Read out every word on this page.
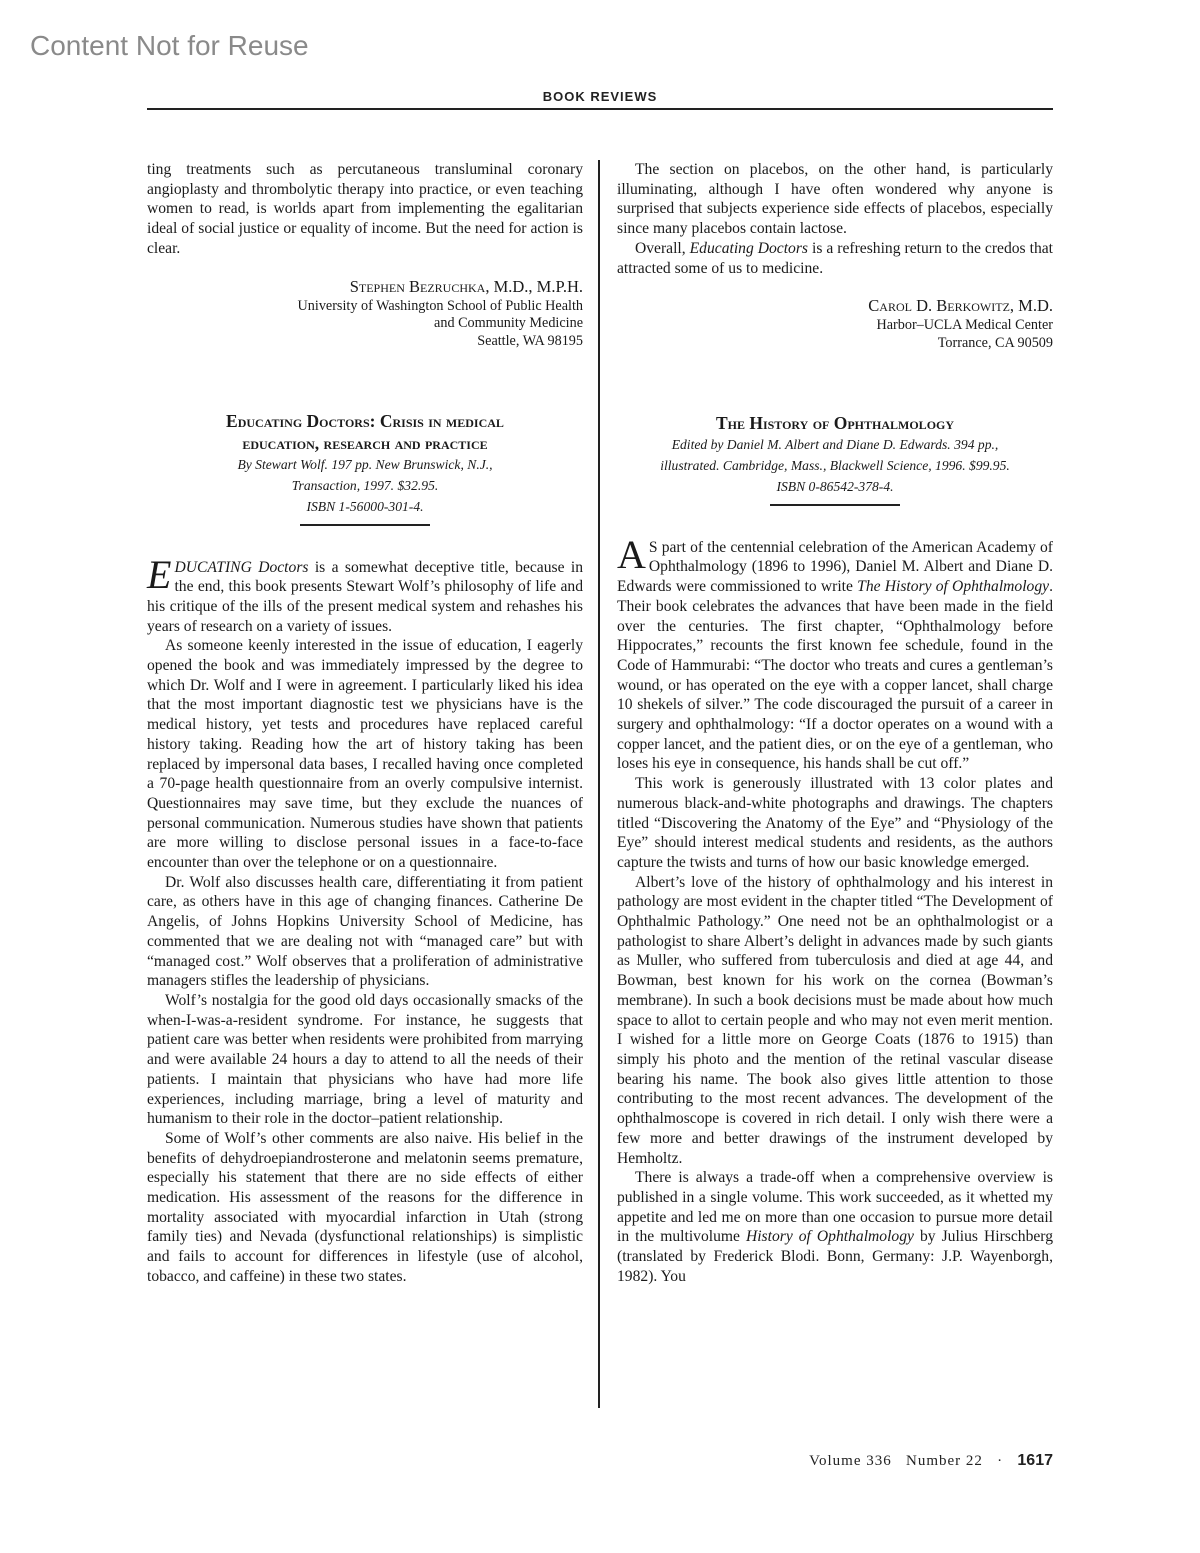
Content Not for Reuse
BOOK REVIEWS

ting treatments such as percutaneous transluminal coronary angioplasty and thrombolytic therapy into practice, or even teaching women to read, is worlds apart from implementing the egalitarian ideal of social justice or equality of income. But the need for action is clear.

Stephen Bezruchka, M.D., M.P.H.
University of Washington School of Public Health
and Community Medicine
Seattle, WA 98195
Educating Doctors: Crisis in medical
education, research and practice
By Stewart Wolf. 197 pp. New Brunswick, N.J.,
Transaction, 1997. $32.95.
ISBN 1-56000-301-4.

EDUCATING Doctors is a somewhat deceptive title, because in the end, this book presents Stewart Wolf’s philosophy of life and his critique of the ills of the present medical system and rehashes his years of research on a variety of issues.

As someone keenly interested in the issue of education, I eagerly opened the book and was immediately impressed by the degree to which Dr. Wolf and I were in agreement. I particularly liked his idea that the most important diagnostic test we physicians have is the medical history, yet tests and procedures have replaced careful history taking. Reading how the art of history taking has been replaced by impersonal data bases, I recalled having once completed a 70-page health questionnaire from an overly compulsive internist. Questionnaires may save time, but they exclude the nuances of personal communication. Numerous studies have shown that patients are more willing to disclose personal issues in a face-to-face encounter than over the telephone or on a questionnaire.

Dr. Wolf also discusses health care, differentiating it from patient care, as others have in this age of changing finances. Catherine De Angelis, of Johns Hopkins University School of Medicine, has commented that we are dealing not with “managed care” but with “managed cost.” Wolf observes that a proliferation of administrative managers stifles the leadership of physicians.

Wolf’s nostalgia for the good old days occasionally smacks of the when-I-was-a-resident syndrome. For instance, he suggests that patient care was better when residents were prohibited from marrying and were available 24 hours a day to attend to all the needs of their patients. I maintain that physicians who have had more life experiences, including marriage, bring a level of maturity and humanism to their role in the doctor–patient relationship.

Some of Wolf’s other comments are also naive. His belief in the benefits of dehydroepiandrosterone and melatonin seems premature, especially his statement that there are no side effects of either medication. His assessment of the reasons for the difference in mortality associated with myocardial infarction in Utah (strong family ties) and Nevada (dysfunctional relationships) is simplistic and fails to account for differences in lifestyle (use of alcohol, tobacco, and caffeine) in these two states.

The section on placebos, on the other hand, is particularly illuminating, although I have often wondered why anyone is surprised that subjects experience side effects of placebos, especially since many placebos contain lactose.

Overall, Educating Doctors is a refreshing return to the credos that attracted some of us to medicine.

Carol D. Berkowitz, M.D.
Harbor–UCLA Medical Center
Torrance, CA 90509
The History of Ophthalmology
Edited by Daniel M. Albert and Diane D. Edwards. 394 pp.,
illustrated. Cambridge, Mass., Blackwell Science, 1996. $99.95.
ISBN 0-86542-378-4.

A S part of the centennial celebration of the American Academy of Ophthalmology (1896 to 1996), Daniel M. Albert and Diane D. Edwards were commissioned to write The History of Ophthalmology. Their book celebrates the advances that have been made in the field over the centuries. The first chapter, “Ophthalmology before Hippocrates,” recounts the first known fee schedule, found in the Code of Hammurabi: “The doctor who treats and cures a gentleman’s wound, or has operated on the eye with a copper lancet, shall charge 10 shekels of silver.” The code discouraged the pursuit of a career in surgery and ophthalmology: “If a doctor operates on a wound with a copper lancet, and the patient dies, or on the eye of a gentleman, who loses his eye in consequence, his hands shall be cut off.”

This work is generously illustrated with 13 color plates and numerous black-and-white photographs and drawings. The chapters titled “Discovering the Anatomy of the Eye” and “Physiology of the Eye” should interest medical students and residents, as the authors capture the twists and turns of how our basic knowledge emerged.

Albert’s love of the history of ophthalmology and his interest in pathology are most evident in the chapter titled “The Development of Ophthalmic Pathology.” One need not be an ophthalmologist or a pathologist to share Albert’s delight in advances made by such giants as Muller, who suffered from tuberculosis and died at age 44, and Bowman, best known for his work on the cornea (Bowman’s membrane). In such a book decisions must be made about how much space to allot to certain people and who may not even merit mention. I wished for a little more on George Coats (1876 to 1915) than simply his photo and the mention of the retinal vascular disease bearing his name. The book also gives little attention to those contributing to the most recent advances. The development of the ophthalmoscope is covered in rich detail. I only wish there were a few more and better drawings of the instrument developed by Hemholtz.

There is always a trade-off when a comprehensive overview is published in a single volume. This work succeeded, as it whetted my appetite and led me on more than one occasion to pursue more detail in the multivolume History of Ophthalmology by Julius Hirschberg (translated by Frederick Blodi. Bonn, Germany: J.P. Wayenborgh, 1982). You

Volume 336 Number 22 · 1617
